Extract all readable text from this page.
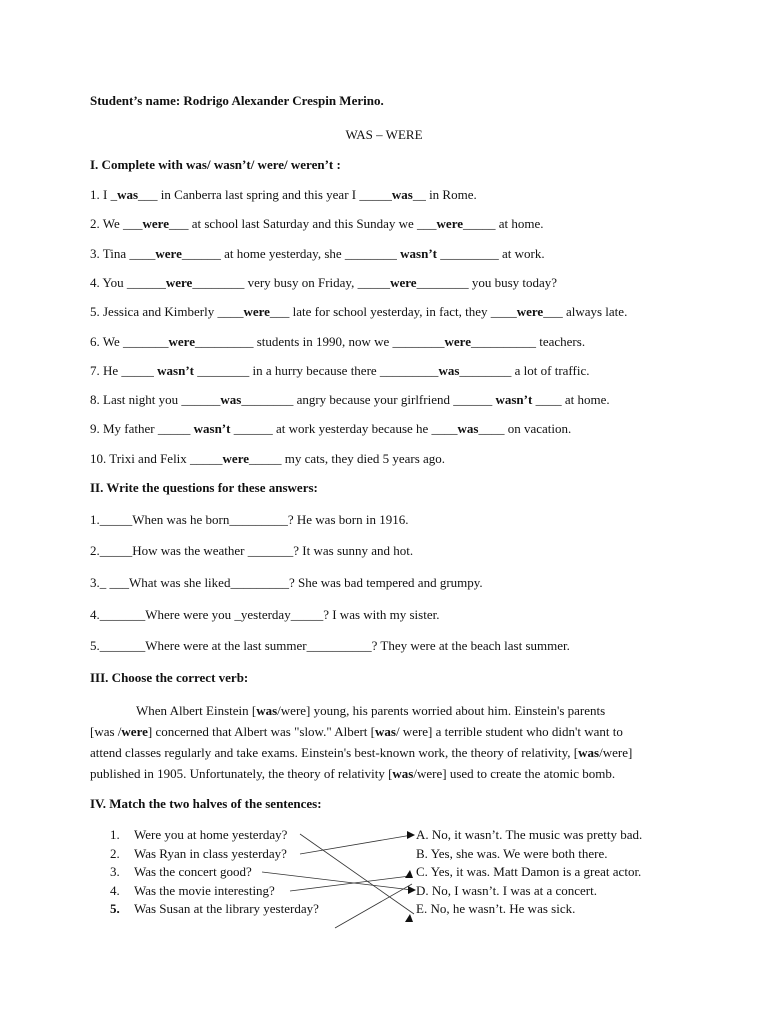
Student’s name: Rodrigo Alexander Crespin Merino.
WAS – WERE
I. Complete with was/ wasn’t/ were/ weren’t :
1. I _was___ in Canberra last spring and this year I _____was__ in Rome.
2. We ___were___ at school last Saturday and this Sunday we ___were_____ at home.
3. Tina ____were______ at home yesterday, she ________ wasn’t _________ at work.
4. You ______were________ very busy on Friday, _____were________ you busy today?
5. Jessica and Kimberly ____were___ late for school yesterday, in fact, they ____were___ always late.
6. We _______were_________ students in 1990, now we ________were__________ teachers.
7. He _____ wasn’t ________ in a hurry because there _________was________ a lot of traffic.
8. Last night you ______was________ angry because your girlfriend ______ wasn’t ____ at home.
9. My father _____ wasn’t ______ at work yesterday because he ____was____ on vacation.
10. Trixi and Felix _____were_____ my cats, they died 5 years ago.
II. Write the questions for these answers:
1._____When was he born_________? He was born in 1916.
2._____How was the weather _______? It was sunny and hot.
3._ ___What was she liked_________? She was bad tempered and grumpy.
4._______Where were you _yesterday_____? I was with my sister.
5._______Where were at the last summer__________? They were at the beach last summer.
III. Choose the correct verb:

When Albert Einstein [was/were] young, his parents worried about him. Einstein's parents

[was /were] concerned that Albert was "slow." Albert [was/ were] a terrible student who didn't want to

attend classes regularly and take exams. Einstein's best-known work, the theory of relativity, [was/were]

published in 1905. Unfortunately, the theory of relativity [was/were] used to create the atomic bomb.

IV. Match the two halves of the sentences:
1. Were you at home yesterday?
2. Was Ryan in class yesterday?
3. Was the concert good?
4. Was the movie interesting?
5. Was Susan at the library yesterday?
A. No, it wasn’t. The music was pretty bad.
B. Yes, she was. We were both there.
C. Yes, it was. Matt Damon is a great actor.
D. No, I wasn’t. I was at a concert.
E. No, he wasn’t. He was sick.
